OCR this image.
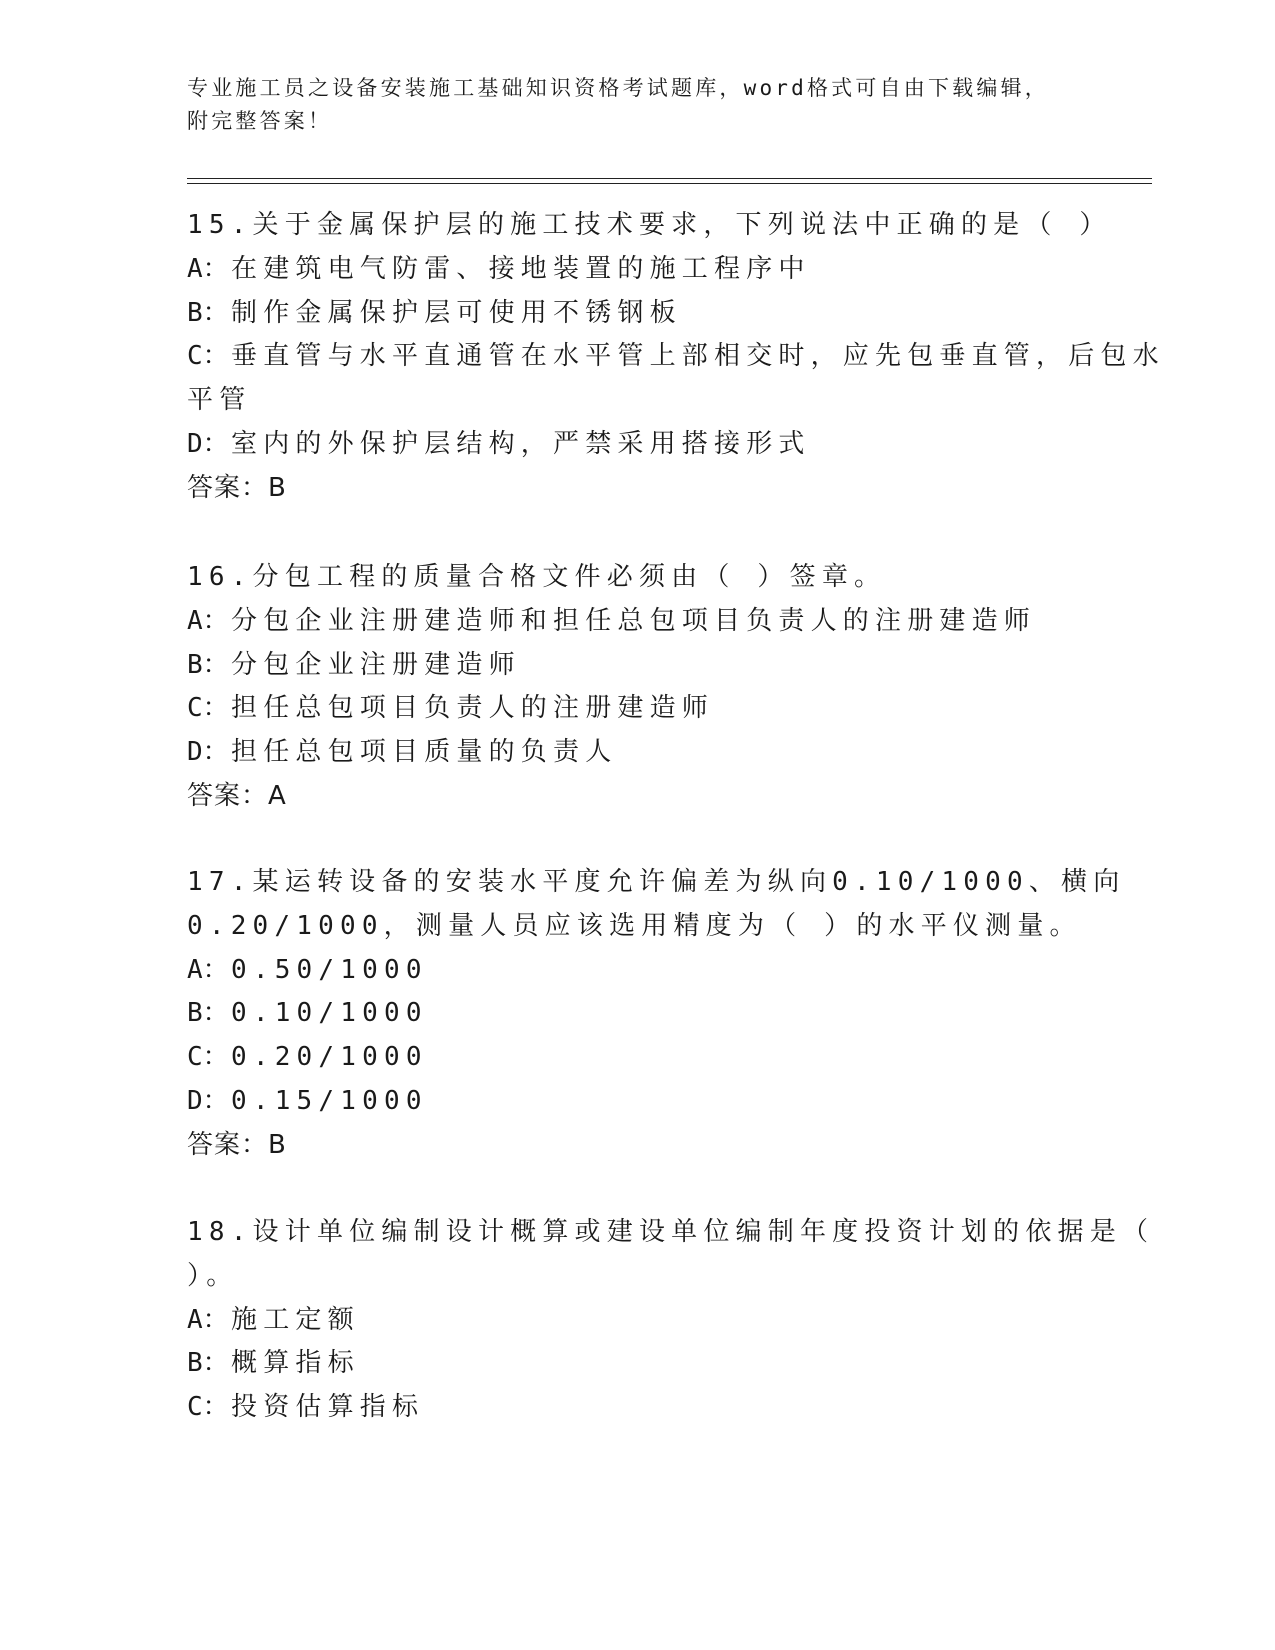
专业施工员之设备安装施工基础知识资格考试题库，word格式可自由下载编辑，
附完整答案！
15.关于金属保护层的施工技术要求，下列说法中正确的是（ ）
A：在建筑电气防雷、接地装置的施工程序中
B：制作金属保护层可使用不锈钢板
C：垂直管与水平直通管在水平管上部相交时，应先包垂直管，后包水
平管
D：室内的外保护层结构，严禁采用搭接形式
答案：B
16.分包工程的质量合格文件必须由（ ）签章。
A：分包企业注册建造师和担任总包项目负责人的注册建造师
B：分包企业注册建造师
C：担任总包项目负责人的注册建造师
D：担任总包项目质量的负责人
答案：A
17.某运转设备的安装水平度允许偏差为纵向0.10/1000、横向
0.20/1000，测量人员应该选用精度为（ ）的水平仪测量。
A：0.50/1000
B：0.10/1000
C：0.20/1000
D：0.15/1000
答案：B
18.设计单位编制设计概算或建设单位编制年度投资计划的依据是（
）。
A：施工定额
B：概算指标
C：投资估算指标
